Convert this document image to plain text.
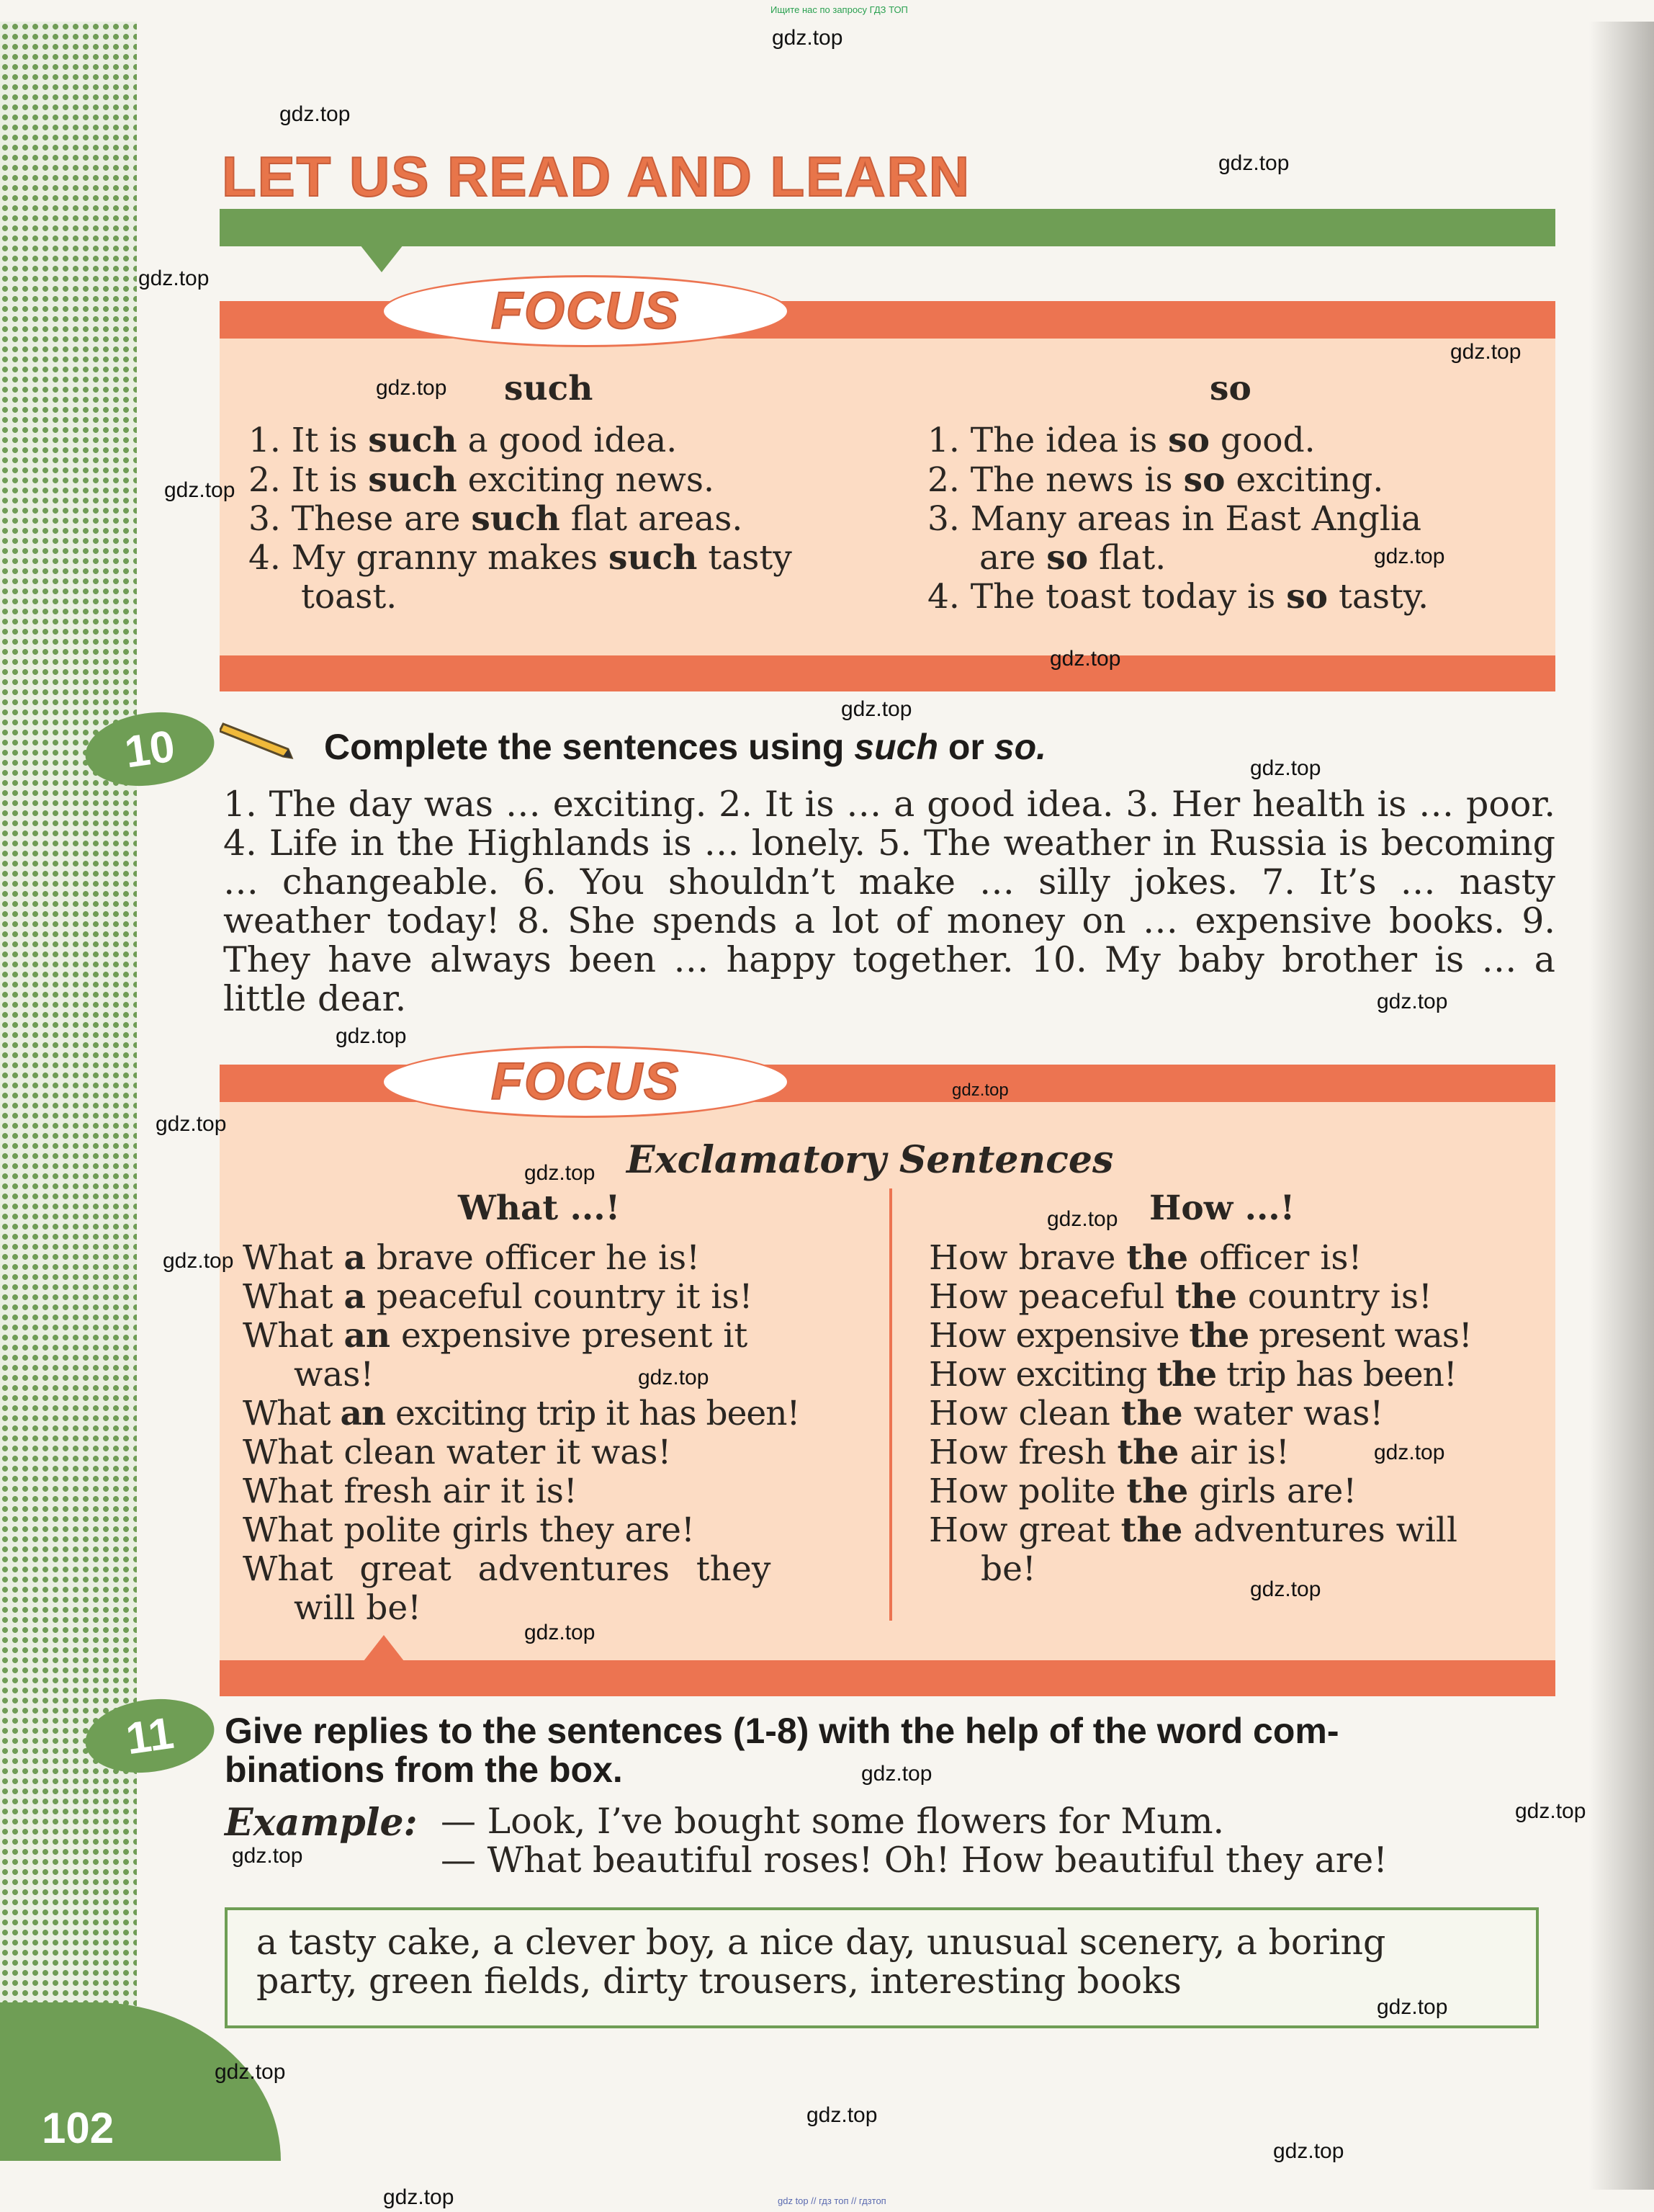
Ищите нас по запросу ГДЗ ТОП
gdz top // гдз топ // гдзтоп
LET US READ AND LEARN
FOCUS
such	so
1. It is such a good idea.
2. It is such exciting news.
3. These are such flat areas.
4. My granny makes such tasty
toast.
1. The idea is so good.
2. The news is so exciting.
3. Many areas in East Anglia
are so flat.
4. The toast today is so tasty.
10	Complete the sentences using such or so.
1. The day was … exciting. 2. It is … a good idea. 3. Her health is … poor. 4. Life in the Highlands is … lonely. 5. The weather in Russia is becoming … changeable. 6. You shouldn’t make … silly jokes. 7. It’s … nasty weather today! 8. She spends a lot of money on … expensive books. 9. They have always been … happy together. 10. My baby brother is … a little dear.
FOCUS
Exclamatory Sentences
What ...!	How ...!
What a brave officer he is!
What a peaceful country it is!
What an expensive present it
was!
What an exciting trip it has been!
What clean water it was!
What fresh air it is!
What polite girls they are!
What great adventures they
will be!
How brave the officer is!
How peaceful the country is!
How expensive the present was!
How exciting the trip has been!
How clean the water was!
How fresh the air is!
How polite the girls are!
How great the adventures will
be!
11	Give replies to the sentences (1-8) with the help of the word com-
binations from the box.
Example: — Look, I’ve bought some flowers for Mum.
— What beautiful roses! Oh! How beautiful they are!
a tasty cake, a clever boy, a nice day, unusual scenery, a boring
party, green fields, dirty trousers, interesting books
102
gdz.top
gdz.top
gdz.top
gdz.top
gdz.top
gdz.top
gdz.top
gdz.top
gdz.top
gdz.top
gdz.top
gdz.top
gdz.top
gdz.top
gdz.top
gdz.top
gdz.top
gdz.top
gdz.top
gdz.top
gdz.top
gdz.top
gdz.top
gdz.top
gdz.top
gdz.top
gdz.top
gdz.top
gdz.top
gdz.top
